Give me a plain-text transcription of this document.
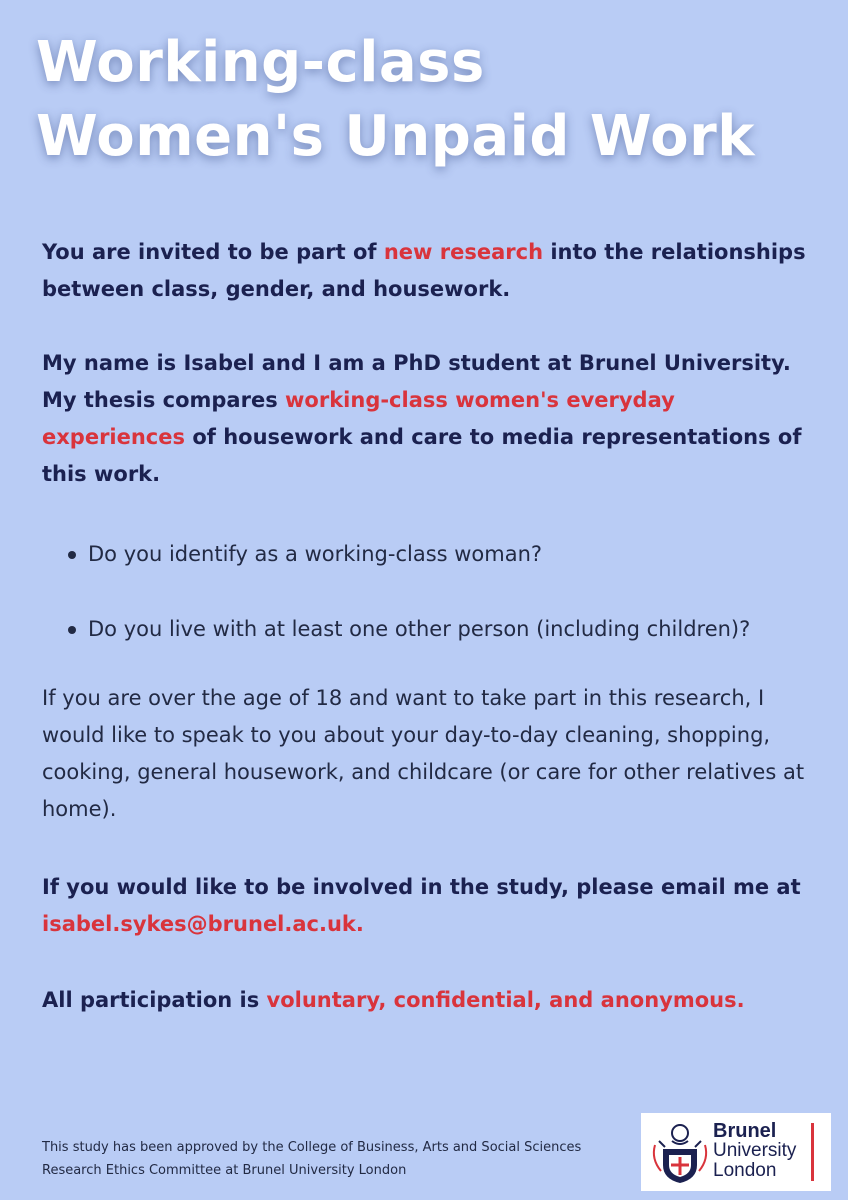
Working-class
Women's Unpaid Work

You are invited to be part of new research into the relationships between class, gender, and housework.

My name is Isabel and I am a PhD student at Brunel University. My thesis compares working-class women's everyday experiences of housework and care to media representations of this work.

Do you identify as a working-class woman?
Do you live with at least one other person (including children)?

If you are over the age of 18 and want to take part in this research, I would like to speak to you about your day-to-day cleaning, shopping, cooking, general housework, and childcare (or care for other relatives at home).

If you would like to be involved in the study, please email me at isabel.sykes@brunel.ac.uk.

All participation is voluntary, confidential, and anonymous.

This study has been approved by the College of Business, Arts and Social Sciences Research Ethics Committee at Brunel University London

Brunel
University
London
